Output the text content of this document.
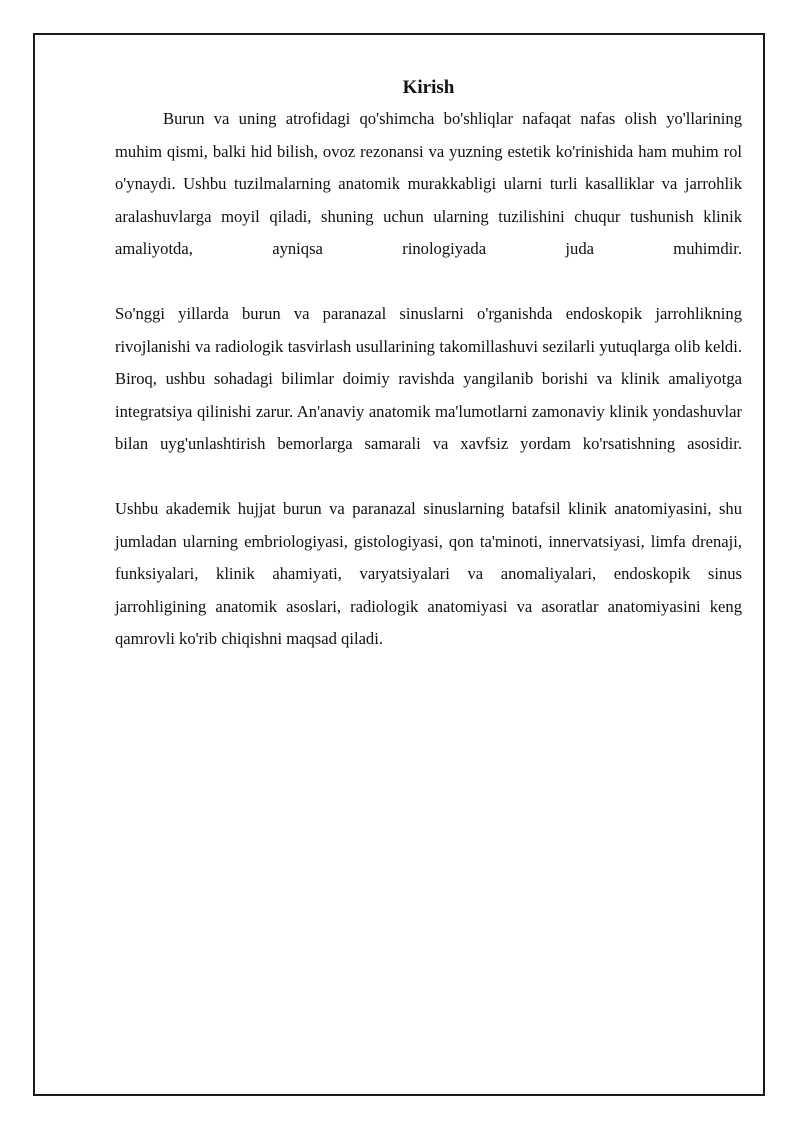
Kirish

Burun va uning atrofidagi qo'shimcha bo'shliqlar nafaqat nafas olish yo'llarining muhim qismi, balki hid bilish, ovoz rezonansi va yuzning estetik ko'rinishida ham muhim rol o'ynaydi. Ushbu tuzilmalarning anatomik murakkabligi ularni turli kasalliklar va jarrohlik aralashuvlarga moyil qiladi, shuning uchun ularning tuzilishini chuqur tushunish klinik amaliyotda, ayniqsa rinologiyada juda muhimdir.

So'nggi yillarda burun va paranazal sinuslarni o'rganishda endoskopik jarrohlikning rivojlanishi va radiologik tasvirlash usullarining takomillashuvi sezilarli yutuqlarga olib keldi. Biroq, ushbu sohadagi bilimlar doimiy ravishda yangilanib borishi va klinik amaliyotga integratsiya qilinishi zarur. An'anaviy anatomik ma'lumotlarni zamonaviy klinik yondashuvlar bilan uyg'unlashtirish bemorlarga samarali va xavfsiz yordam ko'rsatishning asosidir.

Ushbu akademik hujjat burun va paranazal sinuslarning batafsil klinik anatomiyasini, shu jumladan ularning embriologiyasi, gistologiyasi, qon ta'minoti, innervatsiyasi, limfa drenaji, funksiyalari, klinik ahamiyati, varyatsiyalari va anomaliyalari, endoskopik sinus jarrohligining anatomik asoslari, radiologik anatomiyasi va asoratlar anatomiyasini keng qamrovli ko'rib chiqishni maqsad qiladi.
